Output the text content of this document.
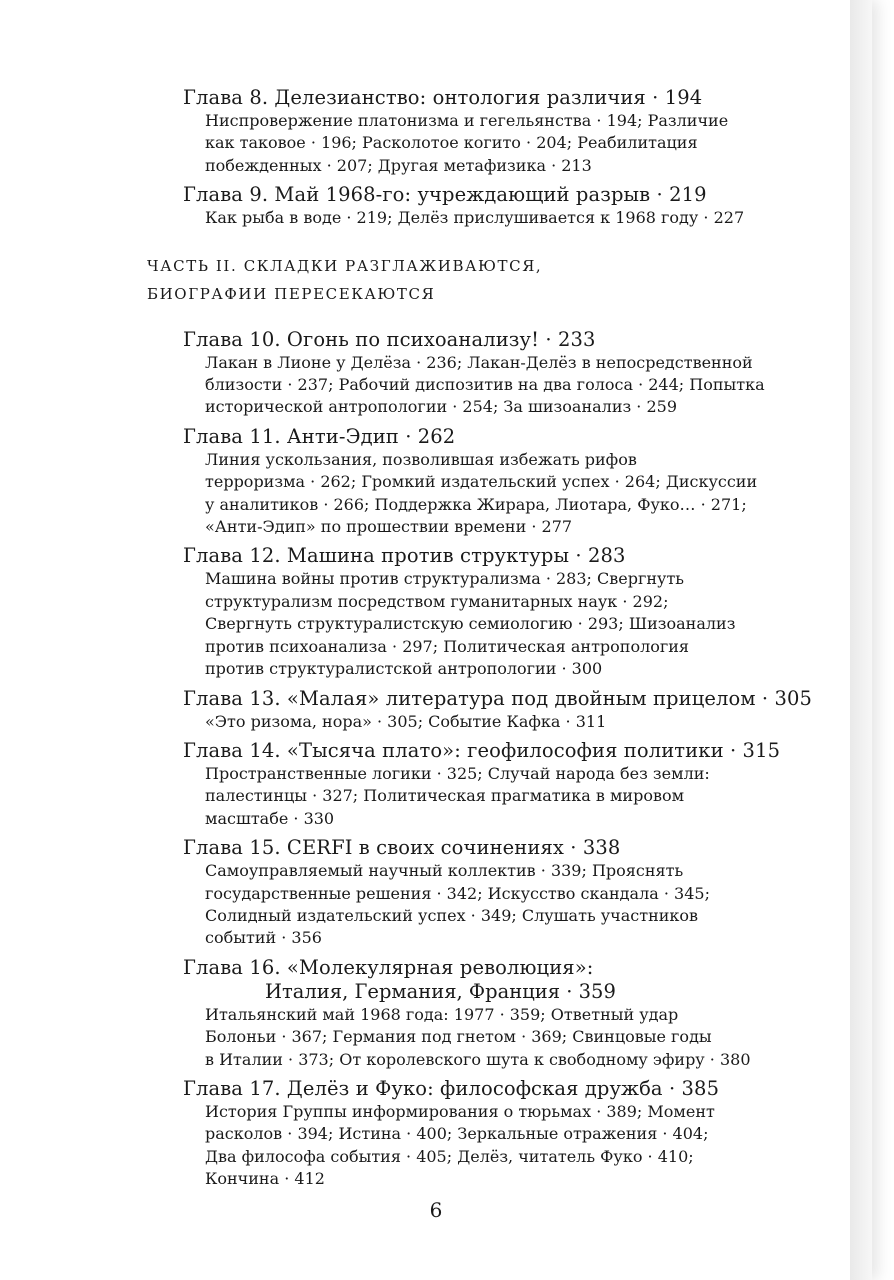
Глава 8. Делезианство: онтология различия · 194
Ниспровержение платонизма и гегельянства · 194; Различие
как таковое · 196; Расколотое когито · 204; Реабилитация
побежденных · 207; Другая метафизика · 213
Глава 9. Май 1968-го: учреждающий разрыв · 219
Как рыба в воде · 219; Делёз прислушивается к 1968 году · 227
ЧАСТЬ II. СКЛАДКИ РАЗГЛАЖИВАЮТСЯ,
БИОГРАФИИ ПЕРЕСЕКАЮТСЯ
Глава 10. Огонь по психоанализу! · 233
Лакан в Лионе у Делёза · 236; Лакан-Делёз в непосредственной
близости · 237; Рабочий диспозитив на два голоса · 244; Попытка
исторической антропологии · 254; За шизоанализ · 259
Глава 11. Анти-Эдип · 262
Линия ускользания, позволившая избежать рифов
терроризма · 262; Громкий издательский успех · 264; Дискуссии
у аналитиков · 266; Поддержка Жирара, Лиотара, Фуко… · 271;
«Анти-Эдип» по прошествии времени · 277
Глава 12. Машина против структуры · 283
Машина войны против структурализма · 283; Свергнуть
структурализм посредством гуманитарных наук · 292;
Свергнуть структуралистскую семиологию · 293; Шизоанализ
против психоанализа · 297; Политическая антропология
против структуралистской антропологии · 300
Глава 13. «Малая» литература под двойным прицелом · 305
«Это ризома, нора» · 305; Событие Кафка · 311
Глава 14. «Тысяча плато»: геофилософия политики · 315
Пространственные логики · 325; Случай народа без земли:
палестинцы · 327; Политическая прагматика в мировом
масштабе · 330
Глава 15. CERFI в своих сочинениях · 338
Самоуправляемый научный коллектив · 339; Прояснять
государственные решения · 342; Искусство скандала · 345;
Солидный издательский успех · 349; Слушать участников
событий · 356
Глава 16. «Молекулярная революция»:
Италия, Германия, Франция · 359
Итальянский май 1968 года: 1977 · 359; Ответный удар
Болоньи · 367; Германия под гнетом · 369; Свинцовые годы
в Италии · 373; От королевского шута к свободному эфиру · 380
Глава 17. Делёз и Фуко: философская дружба · 385
История Группы информирования о тюрьмах · 389; Момент
расколов · 394; Истина · 400; Зеркальные отражения · 404;
Два философа события · 405; Делёз, читатель Фуко · 410;
Кончина · 412
6
